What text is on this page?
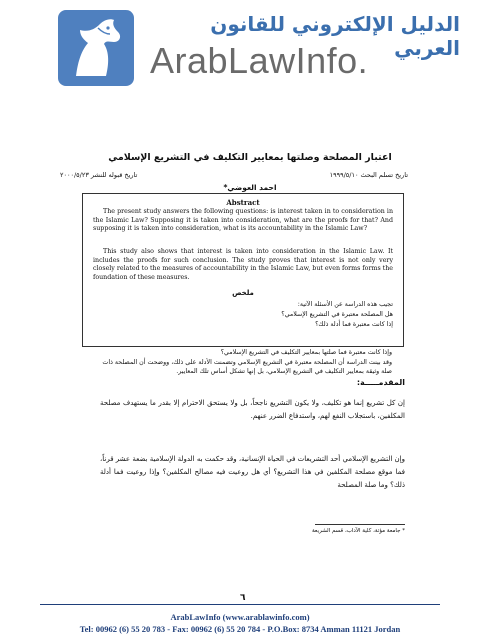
الدليل الإلكتروني للقانون العربي
ArabLawInfo.
اعتبار المصلحة وصلتها بمعايير التكليف في التشريع الإسلامي
تاريخ تسلم البحث ١٩٩٩/٥/١٠
تاريخ قبوله للنشر ٢٠٠٠/٥/٢٣
احمد العوضي*
Abstract
The present study answers the following questions: is interest taken in to consideration in the Islamic Law? Supposing it is taken into consideration, what are the proofs for that? And supposing it is taken into consideration, what is its accountability in the Islamic Law?
This study also shows that interest is taken into consideration in the Islamic Law. It includes the proofs for such conclusion. The study proves that interest is not only very closely related to the measures of accountability in the Islamic Law, but even forms forms the foundation of these measures.
ملخص
تجيب هذه الدراسة عن الأسئلة الآتية:
هل المصلحة معتبرة في التشريع الإسلامي؟
إذا كانت معتبرة فما أدلة ذلك؟
وإذا كانت معتبرة فما صلتها بمعايير التكليف في التشريع الإسلامي؟
وقد بينت الدراسة أن المصلحة معتبرة في التشريع الإسلامي وتضمنت الأدلة على ذلك، ووضحت أن المصلحة ذات صلة وثيقة بمعايير التكليف في التشريع الإسلامي، بل إنها تشكل أساس تلك المعايير.
المقدمـــــة:
إن كل تشريع إنما هو تكليف، ولا يكون التشريع ناجحاً، بل ولا يستحق الاحترام إلا بقدر ما يستهدف مصلحة المكلفين، باستجلاب النفع لهم، واستدفاع الضرر عنهم.
وإن التشريع الإسلامي أحد التشريعات في الحياة الإنسانية، وقد حكمت به الدولة الإسلامية بضعة عشر قرناً، فما موقع مصلحة المكلفين في هذا التشريع؟ أي هل روعيت فيه مصالح المكلفين؟ وإذا روعيت فما أدلة ذلك؟ وما صلة المصلحة
* جامعة مؤتة، كلية الآداب، قسم الشريعة
٦
ArabLawInfo (www.arablawinfo.com)
Tel: 00962 (6) 55 20 783 - Fax: 00962 (6) 55 20 784 - P.O.Box: 8734 Amman 11121 Jordan
